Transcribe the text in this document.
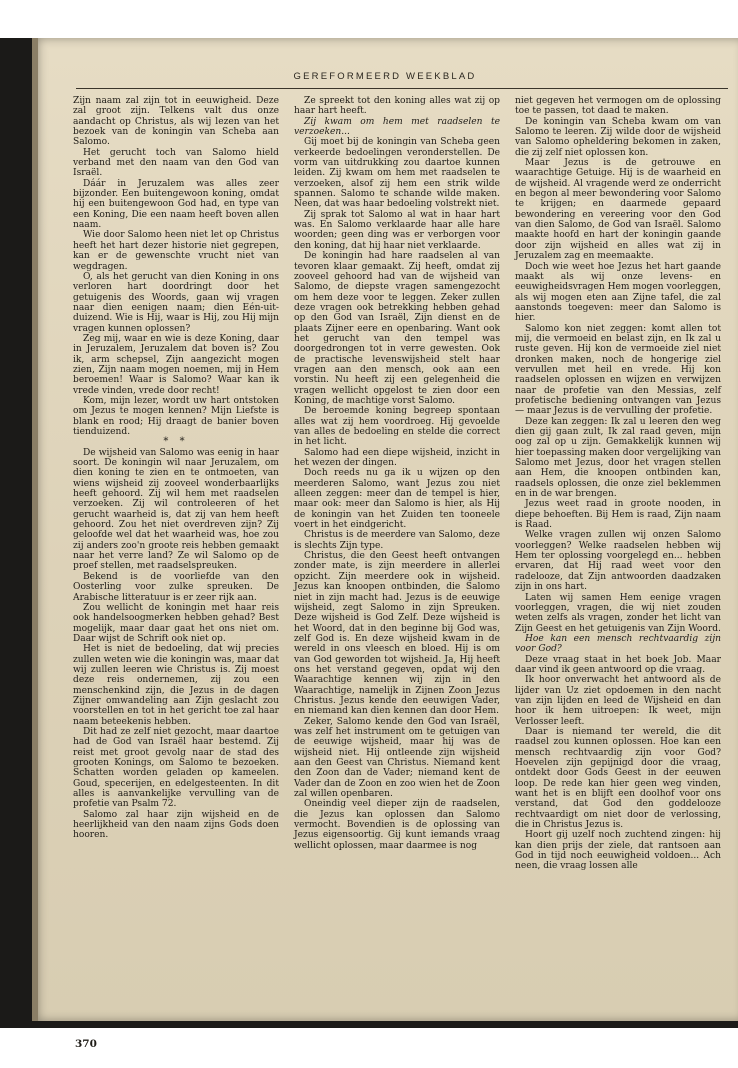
GEREFORMEERD WEEKBLAD

Zijn naam zal zijn tot in eeuwigheid. Deze zal groot zijn. Telkens valt dus onze aandacht op Christus, als wij lezen van het bezoek van de koningin van Scheba aan Salomo.

Het gerucht toch van Salomo hield verband met den naam van den God van Israël.

Dáár in Jeruzalem was alles zeer bijzonder. Een buitengewoon koning, omdat hij een buitengewoon God had, en type van een Koning, Die een naam heeft boven allen naam.

Wie door Salomo heen niet let op Christus heeft het hart dezer historie niet gegrepen, kan er de gewenschte vrucht niet van wegdragen.

O, als het gerucht van dien Koning in ons verloren hart doordringt door het getuigenis des Woords, gaan wij vragen naar dien eenigen naam; dien Eén-uit-duizend. Wie is Hij, waar is Hij, zou Hij mijn vragen kunnen oplossen?

Zeg mij, waar en wie is deze Koning, daar in Jeruzalem, Jeruzalem dat boven is? Zou ik, arm schepsel, Zijn aangezicht mogen zien, Zijn naam mogen noemen, mij in Hem beroemen! Waar is Salomo? Waar kan ik vrede vinden, vrede door recht!

Kom, mijn lezer, wordt uw hart ontstoken om Jezus te mogen kennen? Mijn Liefste is blank en rood; Hij draagt de banier boven tienduizend.

* *

De wijsheid van Salomo was eenig in haar soort. De koningin wil naar Jeruzalem, om dien koning te zien en te ontmoeten, van wiens wijsheid zij zooveel wonderbaarlijks heeft gehoord. Zij wil hem met raadselen verzoeken. Zij wil controleeren of het gerucht waarheid is, dat zij van hem heeft gehoord. Zou het niet overdreven zijn? Zij geloofde wel dat het waarheid was, hoe zou zij anders zoo'n groote reis hebben gemaakt naar het verre land? Ze wil Salomo op de proef stellen, met raadselspreuken.

Bekend is de voorliefde van den Oosterling voor zulke spreuken. De Arabische litteratuur is er zeer rijk aan.

Zou wellicht de koningin met haar reis ook handelsoogmerken hebben gehad? Best mogelijk, maar daar gaat het ons niet om. Daar wijst de Schrift ook niet op.

Het is niet de bedoeling, dat wij precies zullen weten wie die koningin was, maar dat wij zullen leeren wie Christus is. Zij moest deze reis ondernemen, zij zou een menschenkind zijn, die Jezus in de dagen Zijner omwandeling aan Zijn geslacht zou voorstellen en tot in het gericht toe zal haar naam beteekenis hebben.

Dit had ze zelf niet gezocht, maar daartoe had de God van Israël haar bestemd. Zij reist met groot gevolg naar de stad des grooten Konings, om Salomo te bezoeken. Schatten worden geladen op kameelen. Goud, specerijen, en edelgesteenten. In dit alles is aanvankelijke vervulling van de profetie van Psalm 72.

Salomo zal haar zijn wijsheid en de heerlijkheid van den naam zijns Gods doen hooren.

Ze spreekt tot den koning alles wat zij op haar hart heeft.

Zij kwam om hem met raadselen te verzoeken...

Gij moet bij de koningin van Scheba geen verkeerde bedoelingen veronderstellen. De vorm van uitdrukking zou daartoe kunnen leiden. Zij kwam om hem met raadselen te verzoeken, alsof zij hem een strik wilde spannen. Salomo te schande wilde maken. Neen, dat was haar bedoeling volstrekt niet.

Zij sprak tot Salomo al wat in haar hart was. En Salomo verklaarde haar alle hare woorden; geen ding was er verborgen voor den koning, dat hij haar niet verklaarde.

De koningin had hare raadselen al van tevoren klaar gemaakt. Zij heeft, omdat zij zooveel gehoord had van de wijsheid van Salomo, de diepste vragen samengezocht om hem deze voor te leggen. Zeker zullen deze vragen ook betrekking hebben gehad op den God van Israël, Zijn dienst en de plaats Zijner eere en openbaring. Want ook het gerucht van den tempel was doorgedrongen tot in verre gewesten. Ook de practische levenswijsheid stelt haar vragen aan den mensch, ook aan een vorstin. Nu heeft zij een gelegenheid die vragen wellicht opgelost te zien door een Koning, de machtige vorst Salomo.

De beroemde koning begreep spontaan alles wat zij hem voordroeg. Hij gevoelde van alles de bedoeling en stelde die correct in het licht.

Salomo had een diepe wijsheid, inzicht in het wezen der dingen.

Doch reeds nu ga ik u wijzen op den meerderen Salomo, want Jezus zou niet alleen zeggen: meer dan de tempel is hier, maar ook: meer dan Salomo is hier, als Hij de koningin van het Zuiden ten tooneele voert in het eindgericht.

Christus is de meerdere van Salomo, deze is slechts Zijn type.

Christus, die den Geest heeft ontvangen zonder mate, is zijn meerdere in allerlei opzicht. Zijn meerdere ook in wijsheid. Jezus kan knoopen ontbinden, die Salomo niet in zijn macht had. Jezus is de eeuwige wijsheid, zegt Salomo in zijn Spreuken. Deze wijsheid is God Zelf. Deze wijsheid is het Woord, dat in den beginne bij God was, zelf God is. En deze wijsheid kwam in de wereld in ons vleesch en bloed. Hij is om van God geworden tot wijsheid. Ja, Hij heeft ons het verstand gegeven, opdat wij den Waarachtige kennen wij zijn in den Waarachtige, namelijk in Zijnen Zoon Jezus Christus. Jezus kende den eeuwigen Vader, en niemand kan dien kennen dan door Hem.

Zeker, Salomo kende den God van Israël, was zelf het instrument om te getuigen van de eeuwige wijsheid, maar hij was de wijsheid niet. Hij ontleende zijn wijsheid aan den Geest van Christus. Niemand kent den Zoon dan de Vader; niemand kent de Vader dan de Zoon en zoo wien het de Zoon zal willen openbaren.

Oneindig veel dieper zijn de raadselen, die Jezus kan oplossen dan Salomo vermocht. Bovendien is de oplossing van Jezus eigensoortig. Gij kunt iemands vraag wellicht oplossen, maar daarmee is nog

niet gegeven het vermogen om de oplossing toe te passen, tot daad te maken.

De koningin van Scheba kwam om van Salomo te leeren. Zij wilde door de wijsheid van Salomo opheldering bekomen in zaken, die zij zelf niet oplossen kon.

Maar Jezus is de getrouwe en waarachtige Getuige. Hij is de waarheid en de wijsheid. Al vragende werd ze onderricht en begon al meer bewondering voor Salomo te krijgen; en daarmede gepaard bewondering en vereering voor den God van dien Salomo, de God van Israël. Salomo maakte hoofd en hart der koningin gaande door zijn wijsheid en alles wat zij in Jeruzalem zag en meemaakte.

Doch wie weet hoe Jezus het hart gaande maakt als wij onze levens- en eeuwigheidsvragen Hem mogen voorleggen, als wij mogen eten aan Zijne tafel, die zal aanstonds toegeven: meer dan Salomo is hier.

Salomo kon niet zeggen: komt allen tot mij, die vermoeid en belast zijn, en Ik zal u ruste geven. Hij kon de vermoeide ziel niet dronken maken, noch de hongerige ziel vervullen met heil en vrede. Hij kon raadselen oplossen en wijzen en verwijzen naar de profetie van den Messias, zelf profetische bediening ontvangen van Jezus — maar Jezus is de vervulling der profetie.

Deze kan zeggen: Ik zal u leeren den weg dien gij gaan zult, Ik zal raad geven, mijn oog zal op u zijn. Gemakkelijk kunnen wij hier toepassing maken door vergelijking van Salomo met Jezus, door het vragen stellen aan Hem, die knoopen ontbinden kan, raadsels oplossen, die onze ziel beklemmen en in de war brengen.

Jezus weet raad in groote nooden, in diepe behoeften. Bij Hem is raad, Zijn naam is Raad.

Welke vragen zullen wij onzen Salomo voorleggen? Welke raadselen hebben wij Hem ter oplossing voorgelegd en... hebben ervaren, dat Hij raad weet voor den radelooze, dat Zijn antwoorden daadzaken zijn in ons hart.

Laten wij samen Hem eenige vragen voorleggen, vragen, die wij niet zouden weten zelfs als vragen, zonder het licht van Zijn Geest en het getuigenis van Zijn Woord.

Hoe kan een mensch rechtvaardig zijn voor God?

Deze vraag staat in het boek Job. Maar daar vind ik geen antwoord op die vraag.

Ik hoor onverwacht het antwoord als de lijder van Uz ziet opdoemen in den nacht van zijn lijden en leed de Wijsheid en dan hoor ik hem uitroepen: Ik weet, mijn Verlosser leeft.

Daar is niemand ter wereld, die dit raadsel zou kunnen oplossen. Hoe kan een mensch rechtvaardig zijn voor God? Hoevelen zijn gepijnigd door die vraag, ontdekt door Gods Geest in der eeuwen loop. De rede kan hier geen weg vinden, want het is en blijft een doolhof voor ons verstand, dat God den goddelooze rechtvaardigt om niet door de verlossing, die in Christus Jezus is.

Hoort gij uzelf noch zuchtend zingen: hij kan dien prijs der ziele, dat rantsoen aan God in tijd noch eeuwigheid voldoen... Ach neen, die vraag lossen alle

370
